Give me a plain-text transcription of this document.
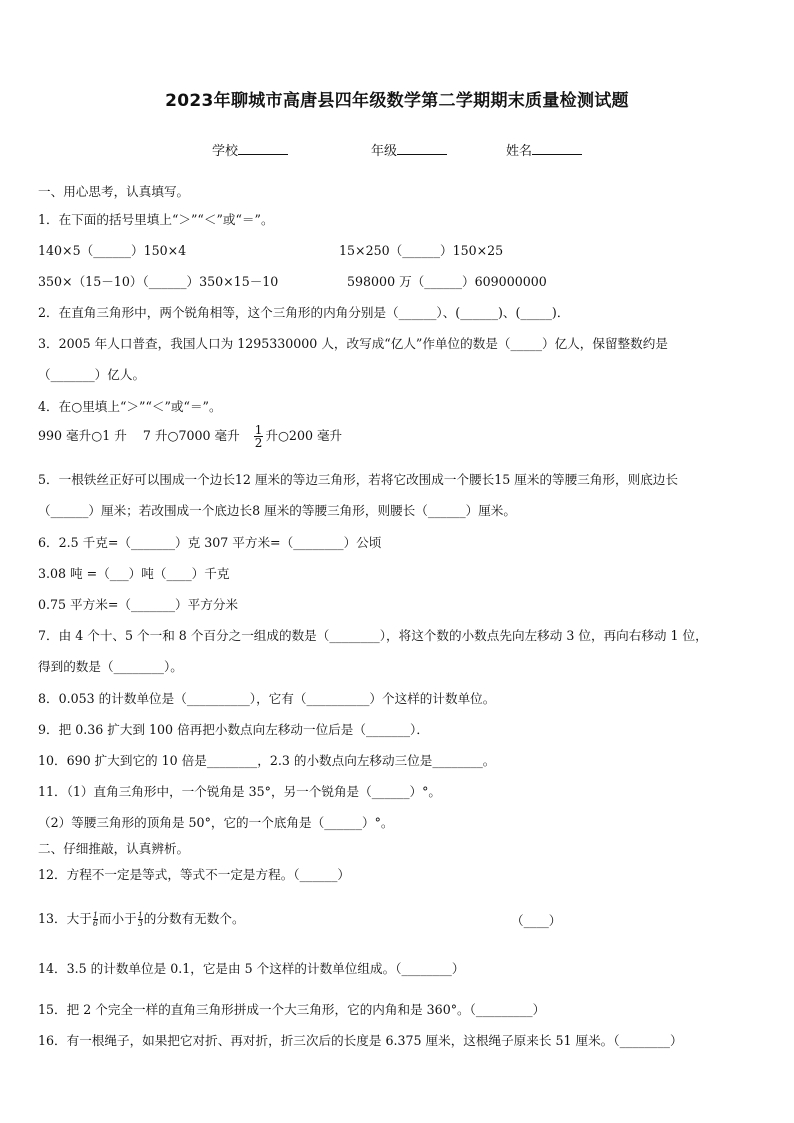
2023年聊城市高唐县四年级数学第二学期期末质量检测试题
学校	年级	姓名
一、用心思考，认真填写。
1．在下面的括号里填上“＞”“＜”或“＝”。
140×5（______）150×4	15×250（______）150×25
350×（15－10）（______）350×15－10	598000 万（______）609000000
2．在直角三角形中，两个锐角相等，这个三角形的内角分别是（______）、(______)、(_____)．
3．2005 年人口普查，我国人口为 1295330000 人，改写成“亿人”作单位的数是（_____）亿人，保留整数约是
（_______）亿人。
4．在○里填上“＞”“＜”或“＝”。
990 毫升○1 升 7 升○7000 毫升 $\frac{1}{2}$ 升○200 毫升
5．一根铁丝正好可以围成一个边长12 厘米的等边三角形，若将它改围成一个腰长15 厘米的等腰三角形，则底边长
（______）厘米；若改围成一个底边长8 厘米的等腰三角形，则腰长（______）厘米。
6．2.5 千克=（_______）克 307 平方米=（________）公顷
3.08 吨 =（___）吨（____）千克
0.75 平方米=（_______）平方分米
7．由 4 个十、5 个一和 8 个百分之一组成的数是（________），将这个数的小数点先向左移动 3 位，再向右移动 1 位，
得到的数是（________）。
8．0.053 的计数单位是（__________），它有（__________）个这样的计数单位。
9．把 0.36 扩大到 100 倍再把小数点向左移动一位后是（_______）．
10．690 扩大到它的 10 倍是________，2.3 的小数点向左移动三位是________。
11．（1）直角三角形中，一个锐角是 35°，另一个锐角是（______）°。
（2）等腰三角形的顶角是 50°，它的一个底角是（______）°。
二、仔细推敲，认真辨析。
12．方程不一定是等式，等式不一定是方程。（______）
13．大于 $\frac{1}{6}$ 而小于 $\frac{1}{3}$ 的分数有无数个。	（____）
14．3.5 的计数单位是 0.1，它是由 5 个这样的计数单位组成。（________）
15．把 2 个完全一样的直角三角形拼成一个大三角形，它的内角和是 360°。（_________）
16．有一根绳子，如果把它对折、再对折，折三次后的长度是 6.375 厘米，这根绳子原来长 51 厘米。（________）
